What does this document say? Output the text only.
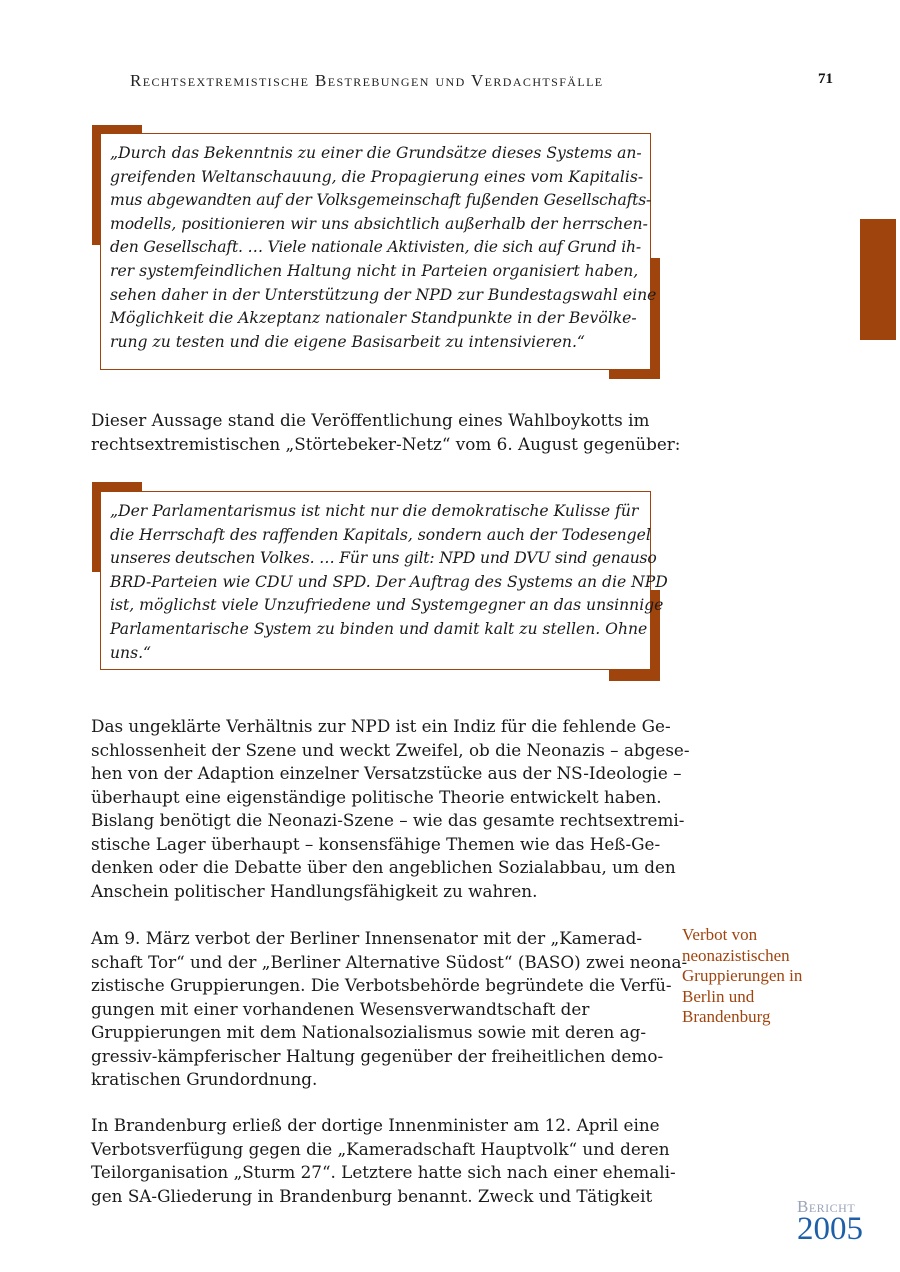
Rechtsextremistische Bestrebungen und Verdachtsfälle	71
„Durch das Bekenntnis zu einer die Grundsätze dieses Systems an-
greifenden Weltanschauung, die Propagierung eines vom Kapitalis-
mus abgewandten auf der Volksgemeinschaft fußenden Gesellschafts-
modells, positionieren wir uns absichtlich außerhalb der herrschen-
den Gesellschaft. … Viele nationale Aktivisten, die sich auf Grund ih-
rer systemfeindlichen Haltung nicht in Parteien organisiert haben,
sehen daher in der Unterstützung der NPD zur Bundestagswahl eine
Möglichkeit die Akzeptanz nationaler Standpunkte in der Bevölke-
rung zu testen und die eigene Basisarbeit zu intensivieren.“
Dieser Aussage stand die Veröffentlichung eines Wahlboykotts im
rechtsextremistischen „Störtebeker-Netz“ vom 6. August gegenüber:
„Der Parlamentarismus ist nicht nur die demokratische Kulisse für
die Herrschaft des raffenden Kapitals, sondern auch der Todesengel
unseres deutschen Volkes. … Für uns gilt: NPD und DVU sind genauso
BRD-Parteien wie CDU und SPD. Der Auftrag des Systems an die NPD
ist, möglichst viele Unzufriedene und Systemgegner an das unsinnige
Parlamentarische System zu binden und damit kalt zu stellen. Ohne
uns.“
Das ungeklärte Verhältnis zur NPD ist ein Indiz für die fehlende Ge-
schlossenheit der Szene und weckt Zweifel, ob die Neonazis – abgese-
hen von der Adaption einzelner Versatzstücke aus der NS-Ideologie –
überhaupt eine eigenständige politische Theorie entwickelt haben.
Bislang benötigt die Neonazi-Szene – wie das gesamte rechtsextremi-
stische Lager überhaupt – konsensfähige Themen wie das Heß-Ge-
denken oder die Debatte über den angeblichen Sozialabbau, um den
Anschein politischer Handlungsfähigkeit zu wahren.
Am 9. März verbot der Berliner Innensenator mit der „Kamerad-
schaft Tor“ und der „Berliner Alternative Südost“ (BASO) zwei neona-
zistische Gruppierungen. Die Verbotsbehörde begründete die Verfü-
gungen mit einer vorhandenen Wesensverwandtschaft der
Gruppierungen mit dem Nationalsozialismus sowie mit deren ag-
gressiv-kämpferischer Haltung gegenüber der freiheitlichen demo-
kratischen Grundordnung.
Verbot von
neonazistischen
Gruppierungen in
Berlin und
Brandenburg
In Brandenburg erließ der dortige Innenminister am 12. April eine
Verbotsverfügung gegen die „Kameradschaft Hauptvolk“ und deren
Teilorganisation „Sturm 27“. Letztere hatte sich nach einer ehemali-
gen SA-Gliederung in Brandenburg benannt. Zweck und Tätigkeit
Bericht
2005
